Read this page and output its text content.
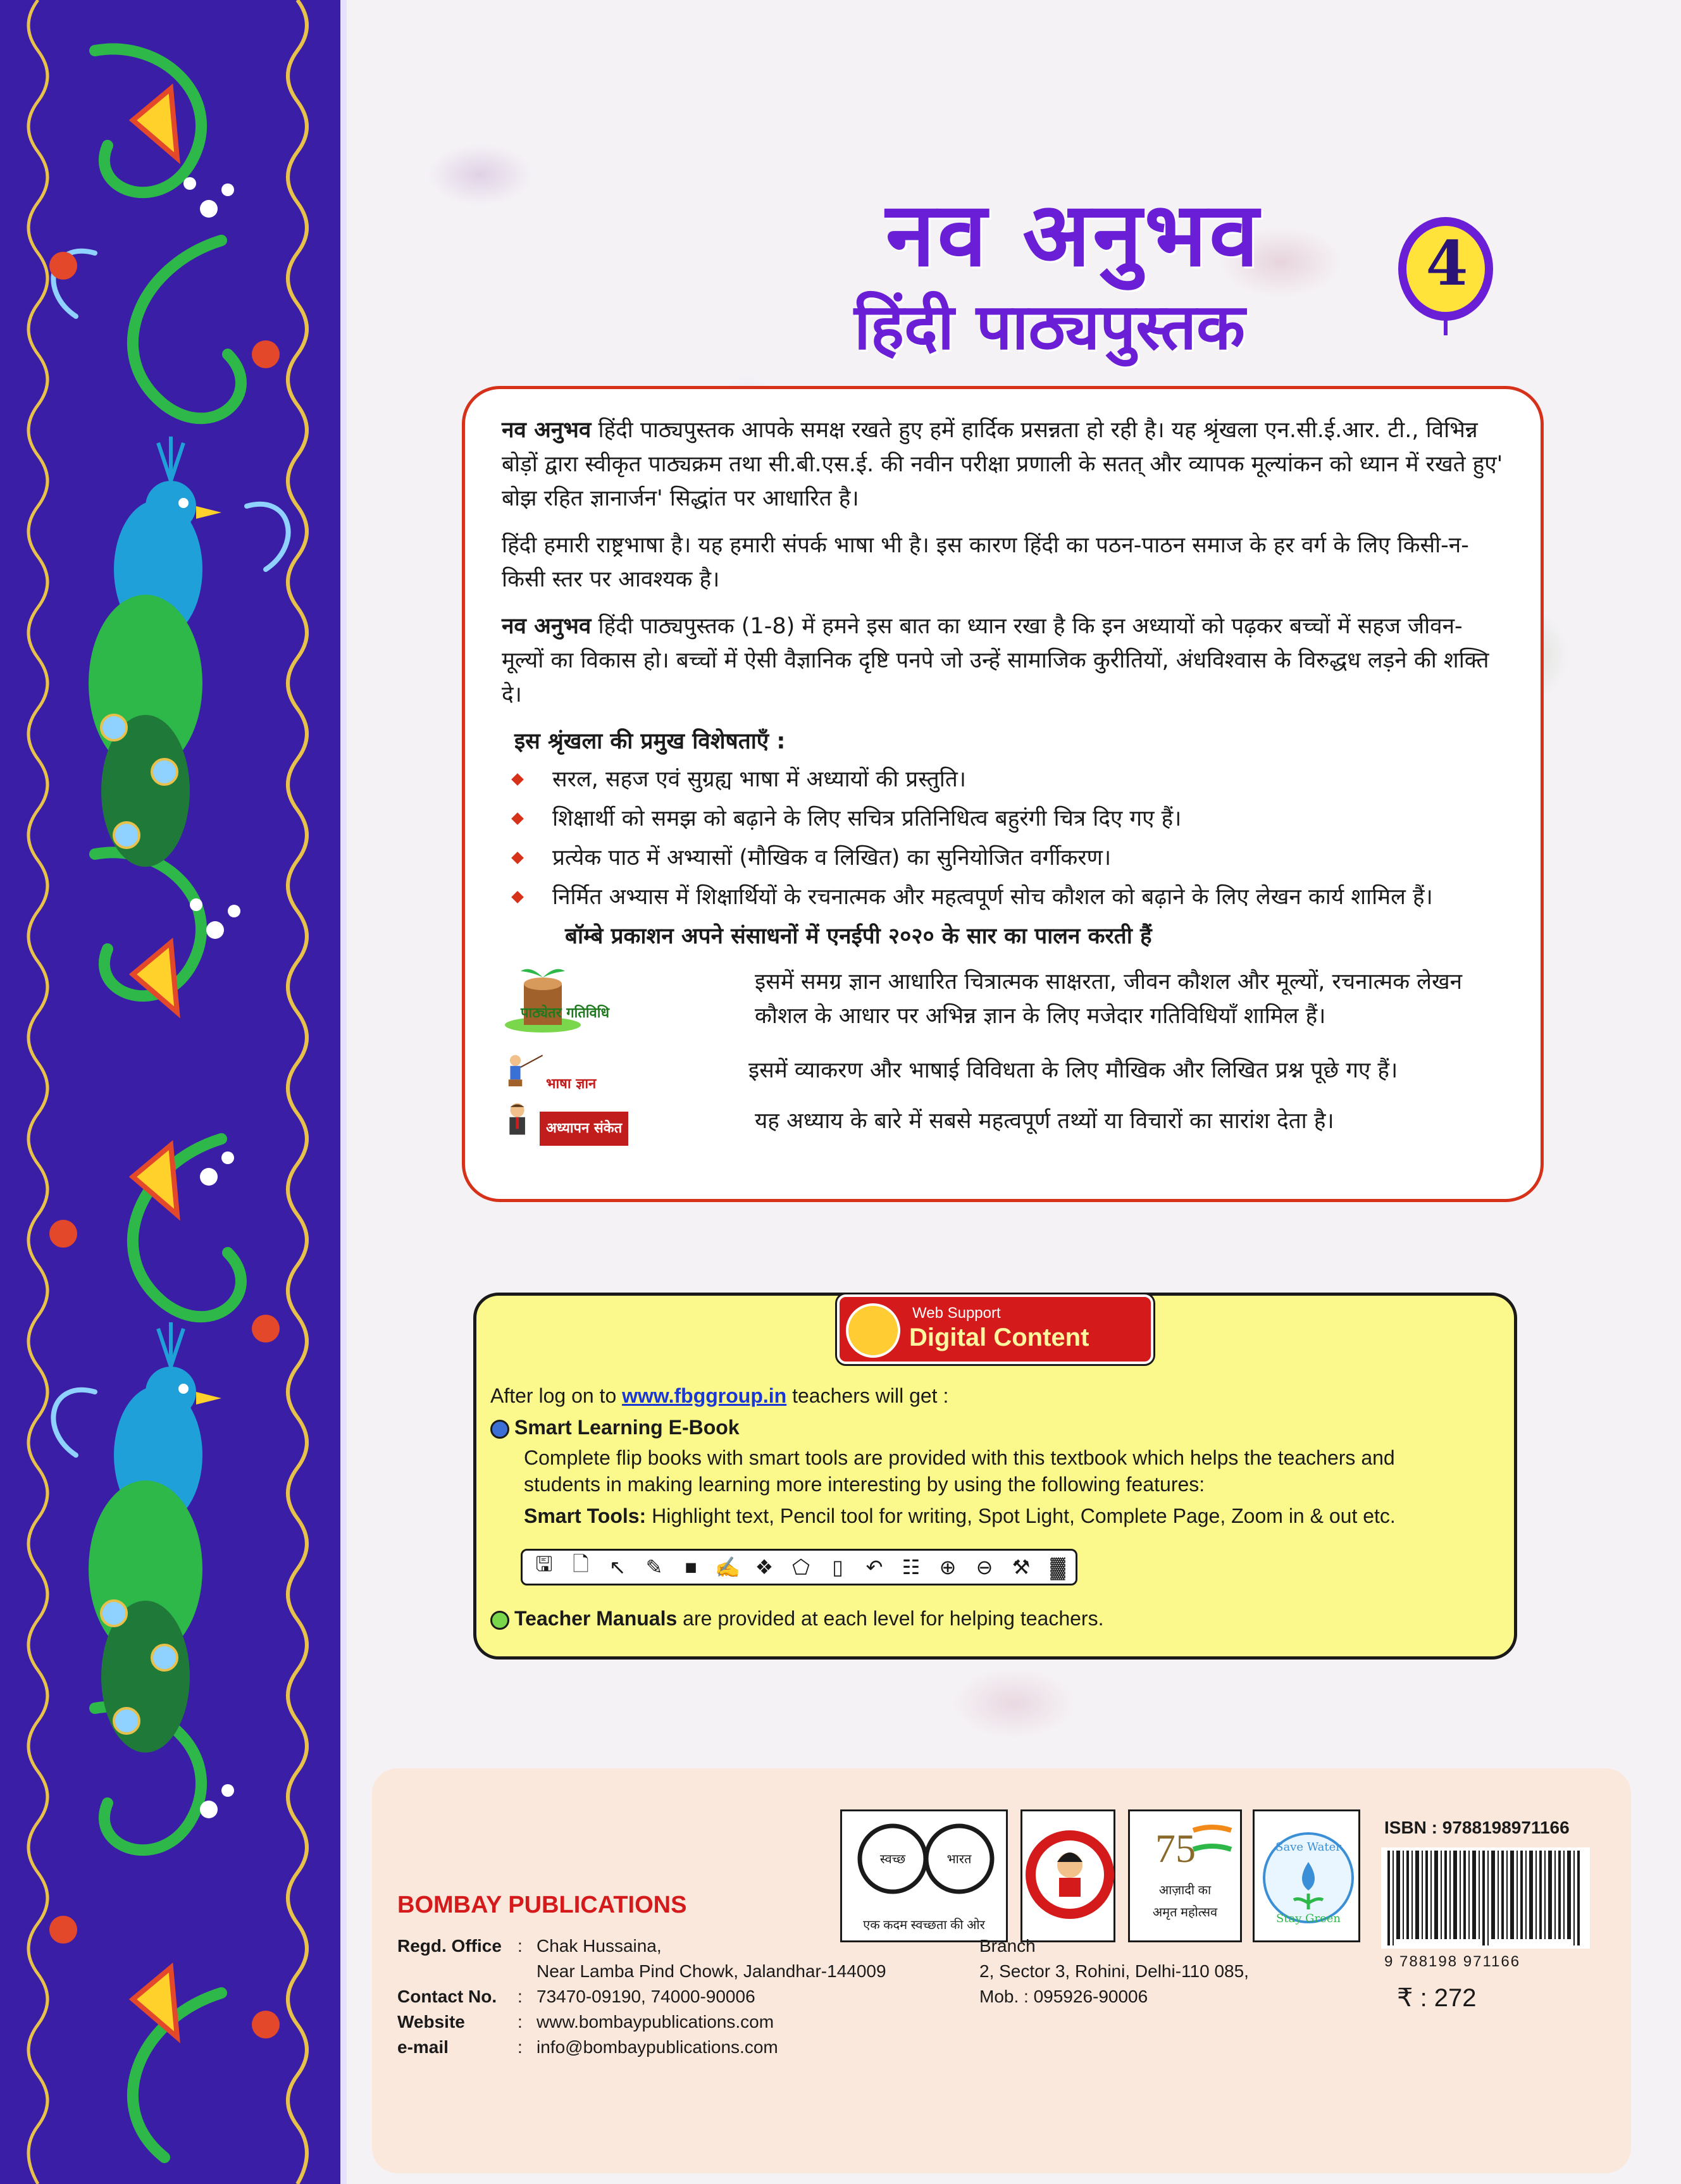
नव अनुभव
हिंदी पाठ्यपुस्तक
4

नव अनुभव हिंदी पाठ्यपुस्तक आपके समक्ष रखते हुए हमें हार्दिक प्रसन्नता हो रही है। यह श्रृंखला एन.सी.ई.आर. टी., विभिन्न बोड़ों द्वारा स्वीकृत पाठ्यक्रम तथा सी.बी.एस.ई. की नवीन परीक्षा प्रणाली के सतत् और व्यापक मूल्यांकन को ध्यान में रखते हुए' बोझ रहित ज्ञानार्जन' सिद्धांत पर आधारित है।

हिंदी हमारी राष्ट्रभाषा है। यह हमारी संपर्क भाषा भी है। इस कारण हिंदी का पठन-पाठन समाज के हर वर्ग के लिए किसी-न-किसी स्तर पर आवश्यक है।

नव अनुभव हिंदी पाठ्यपुस्तक (1-8) में हमने इस बात का ध्यान रखा है कि इन अध्यायों को पढ़कर बच्चों में सहज जीवन-मूल्यों का विकास हो। बच्चों में ऐसी वैज्ञानिक दृष्टि पनपे जो उन्हें सामाजिक कुरीतियों, अंधविश्वास के विरुद्धध लड़ने की शक्ति दे।

इस श्रृंखला की प्रमुख विशेषताएँ :
सरल, सहज एवं सुग्रह्य भाषा में अध्यायों की प्रस्तुति।
शिक्षार्थी को समझ को बढ़ाने के लिए सचित्र प्रतिनिधित्व बहुरंगी चित्र दिए गए हैं।
प्रत्येक पाठ में अभ्यासों (मौखिक व लिखित) का सुनियोजित वर्गीकरण।
निर्मित अभ्यास में शिक्षार्थियों के रचनात्मक और महत्वपूर्ण सोच कौशल को बढ़ाने के लिए लेखन कार्य शामिल हैं।
बॉम्बे प्रकाशन अपने संसाधनों में एनईपी २०२० के सार का पालन करती हैं
पाठ्येतर गतिविधि
इसमें समग्र ज्ञान आधारित चित्रात्मक साक्षरता, जीवन कौशल और मूल्यों, रचनात्मक लेखन कौशल के आधार पर अभिन्न ज्ञान के लिए मजेदार गतिविधियाँ शामिल हैं।
भाषा ज्ञान
इसमें व्याकरण और भाषाई विविधता के लिए मौखिक और लिखित प्रश्न पूछे गए हैं।
अध्यापन संकेत	यह अध्याय के बारे में सबसे महत्वपूर्ण तथ्यों या विचारों का सारांश देता है।
Web Support
Digital Content
After log on to www.fbggroup.in teachers will get :
Smart Learning E-Book
Complete flip books with smart tools are provided with this textbook which helps the teachers and
students in making learning more interesting by using the following features:
Smart Tools: Highlight text, Pencil tool for writing, Spot Light, Complete Page, Zoom in & out etc.
🖫 🗋 ↖ ✎	■ ✍ ❖ ⬠	▯	↶ ☷ ⊕ ⊖ ⚒ ▓
Teacher Manuals are provided at each level for helping teachers.
स्वच्छ	भारत
एक कदम स्वच्छता की ओर
75
आज़ादी का
अमृत महोत्सव
Save Water
Stay Green
ISBN : 9788198971166
9 788198 971166
₹ : 272
BOMBAY PUBLICATIONS
Regd. Office : Chak Hussaina,
Near Lamba Pind Chowk, Jalandhar-144009
Contact No.	: 73470-09190, 74000-90006
Website	: www.bombaypublications.com
e-mail	: info@bombaypublications.com
Branch
2, Sector 3, Rohini, Delhi-110 085,
Mob. : 095926-90006
